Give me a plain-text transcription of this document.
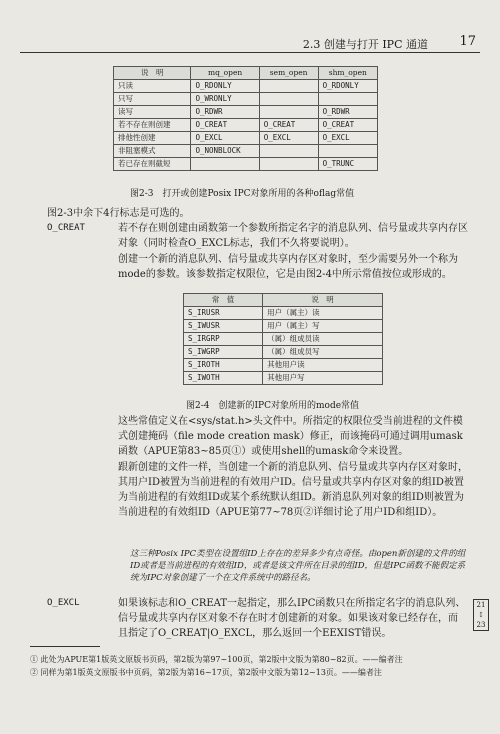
2.3 创建与打开 IPC 通道 17
说　明	mq_open	sem_open	shm_open
只读	O_RDONLY		O_RDONLY
只写	O_WRONLY		
读写	O_RDWR		O_RDWR
若不存在则创建	O_CREAT	O_CREAT	O_CREAT
排他性创建	O_EXCL	O_EXCL	O_EXCL
非阻塞模式	O_NONBLOCK		
若已存在则截短			O_TRUNC
图2-3　打开或创建Posix IPC对象所用的各种oflag常值
图2-3中余下4行标志是可选的。
O_CREAT	若不存在则创建由函数第一个参数所指定名字的消息队列、信号量或共享内存区对象（同时检查O_EXCL标志，我们不久将要说明）。
创建一个新的消息队列、信号量或共享内存区对象时，至少需要另外一个称为mode的参数。该参数指定权限位，它是由图2-4中所示常值按位或形成的。
常　值	说　明
S_IRUSR	用户（属主）读
S_IWUSR	用户（属主）写
S_IRGRP	（属）组成员读
S_IWGRP	（属）组成员写
S_IROTH	其他用户读
S_IWOTH	其他用户写
图2-4　创建新的IPC对象所用的mode常值
这些常值定义在<sys/stat.h>头文件中。所指定的权限位受当前进程的文件模式创建掩码（file mode creation mask）修正，而该掩码可通过调用umask函数（APUE第83~85页①）或使用shell的umask命令来设置。
跟新创建的文件一样，当创建一个新的消息队列、信号量或共享内存区对象时，其用户ID被置为当前进程的有效用户ID。信号量或共享内存区对象的组ID被置为当前进程的有效组ID或某个系统默认组ID。新消息队列对象的组ID则被置为当前进程的有效组ID（APUE第77~78页②详细讨论了用户ID和组ID）。
这三种Posix IPC类型在设置组ID上存在的差异多少有点奇怪。由open新创建的文件的组ID或者是当前进程的有效组ID，或者是该文件所在目录的组ID，但是IPC函数不能假定系统为IPC对象创建了一个在文件系统中的路径名。
O_EXCL	如果该标志和O_CREAT一起指定，那么IPC函数只在所指定名字的消息队列、信号量或共享内存区对象不存在时才创建新的对象。如果该对象已经存在，而且指定了O_CREAT|O_EXCL，那么返回一个EEXIST错误。
21
↕
23
① 此处为APUE第1版英文原版书页码，第2版为第97~100页，第2版中文版为第80~82页。——编者注
② 同样为第1版英文原版书中页码，第2版为第16~17页，第2版中文版为第12~13页。——编者注
